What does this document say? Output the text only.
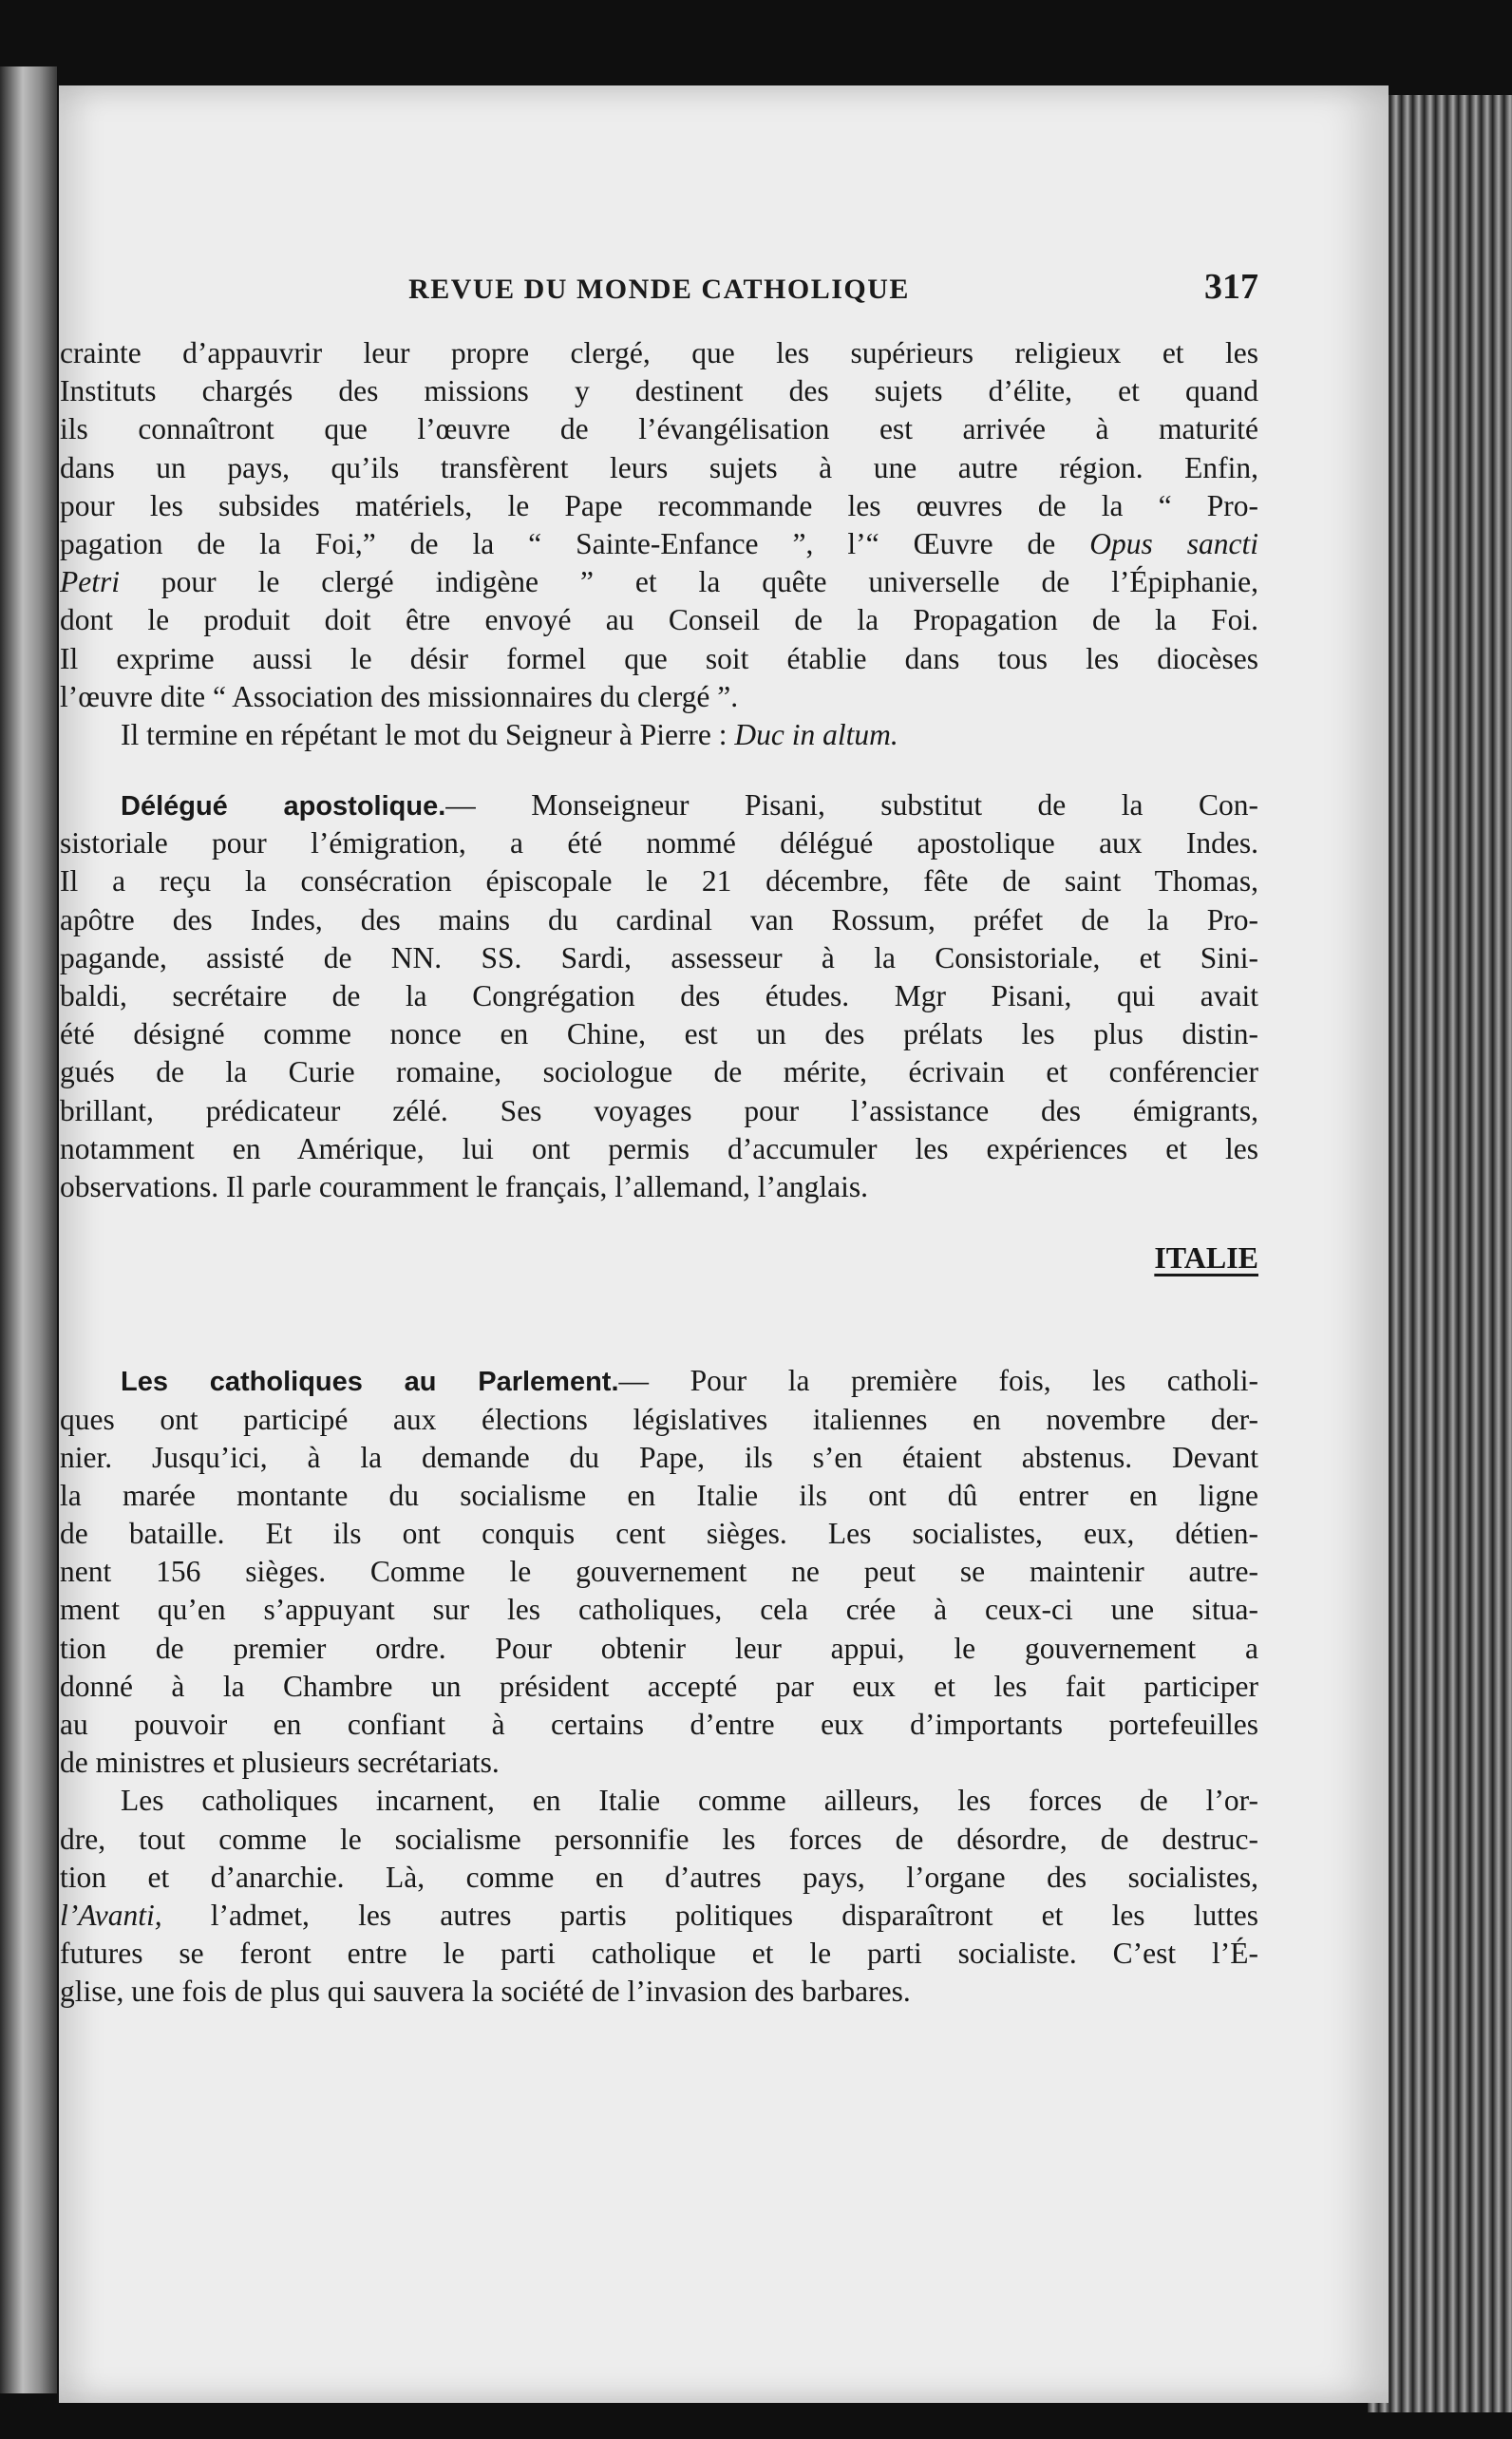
REVUE DU MONDE CATHOLIQUE	317
crainte d’appauvrir leur propre clergé, que les supérieurs religieux et les
Instituts chargés des missions y destinent des sujets d’élite, et quand
ils connaîtront que l’œuvre de l’évangélisation est arrivée à maturité
dans un pays, qu’ils transfèrent leurs sujets à une autre région. Enfin,
pour les subsides matériels, le Pape recommande les œuvres de la “ Pro-
pagation de la Foi,” de la “ Sainte-Enfance ”, l’“ Œuvre de Opus sancti
Petri pour le clergé indigène ” et la quête universelle de l’Épiphanie,
dont le produit doit être envoyé au Conseil de la Propagation de la Foi.
Il exprime aussi le désir formel que soit établie dans tous les diocèses
l’œuvre dite “ Association des missionnaires du clergé ”.
Il termine en répétant le mot du Seigneur à Pierre : Duc in altum.
Délégué apostolique.— Monseigneur Pisani, substitut de la Con-
sistoriale pour l’émigration, a été nommé délégué apostolique aux Indes.
Il a reçu la consécration épiscopale le 21 décembre, fête de saint Thomas,
apôtre des Indes, des mains du cardinal van Rossum, préfet de la Pro-
pagande, assisté de NN. SS. Sardi, assesseur à la Consistoriale, et Sini-
baldi, secrétaire de la Congrégation des études. Mgr Pisani, qui avait
été désigné comme nonce en Chine, est un des prélats les plus distin-
gués de la Curie romaine, sociologue de mérite, écrivain et conférencier
brillant, prédicateur zélé. Ses voyages pour l’assistance des émigrants,
notamment en Amérique, lui ont permis d’accumuler les expériences et les
observations. Il parle couramment le français, l’allemand, l’anglais.
ITALIE
Les catholiques au Parlement.— Pour la première fois, les catholi-
ques ont participé aux élections législatives italiennes en novembre der-
nier. Jusqu’ici, à la demande du Pape, ils s’en étaient abstenus. Devant
la marée montante du socialisme en Italie ils ont dû entrer en ligne
de bataille. Et ils ont conquis cent sièges. Les socialistes, eux, détien-
nent 156 sièges. Comme le gouvernement ne peut se maintenir autre-
ment qu’en s’appuyant sur les catholiques, cela crée à ceux-ci une situa-
tion de premier ordre. Pour obtenir leur appui, le gouvernement a
donné à la Chambre un président accepté par eux et les fait participer
au pouvoir en confiant à certains d’entre eux d’importants portefeuilles
de ministres et plusieurs secrétariats.
Les catholiques incarnent, en Italie comme ailleurs, les forces de l’or-
dre, tout comme le socialisme personnifie les forces de désordre, de destruc-
tion et d’anarchie. Là, comme en d’autres pays, l’organe des socialistes,
l’Avanti, l’admet, les autres partis politiques disparaîtront et les luttes
futures se feront entre le parti catholique et le parti socialiste. C’est l’É-
glise, une fois de plus qui sauvera la société de l’invasion des barbares.
